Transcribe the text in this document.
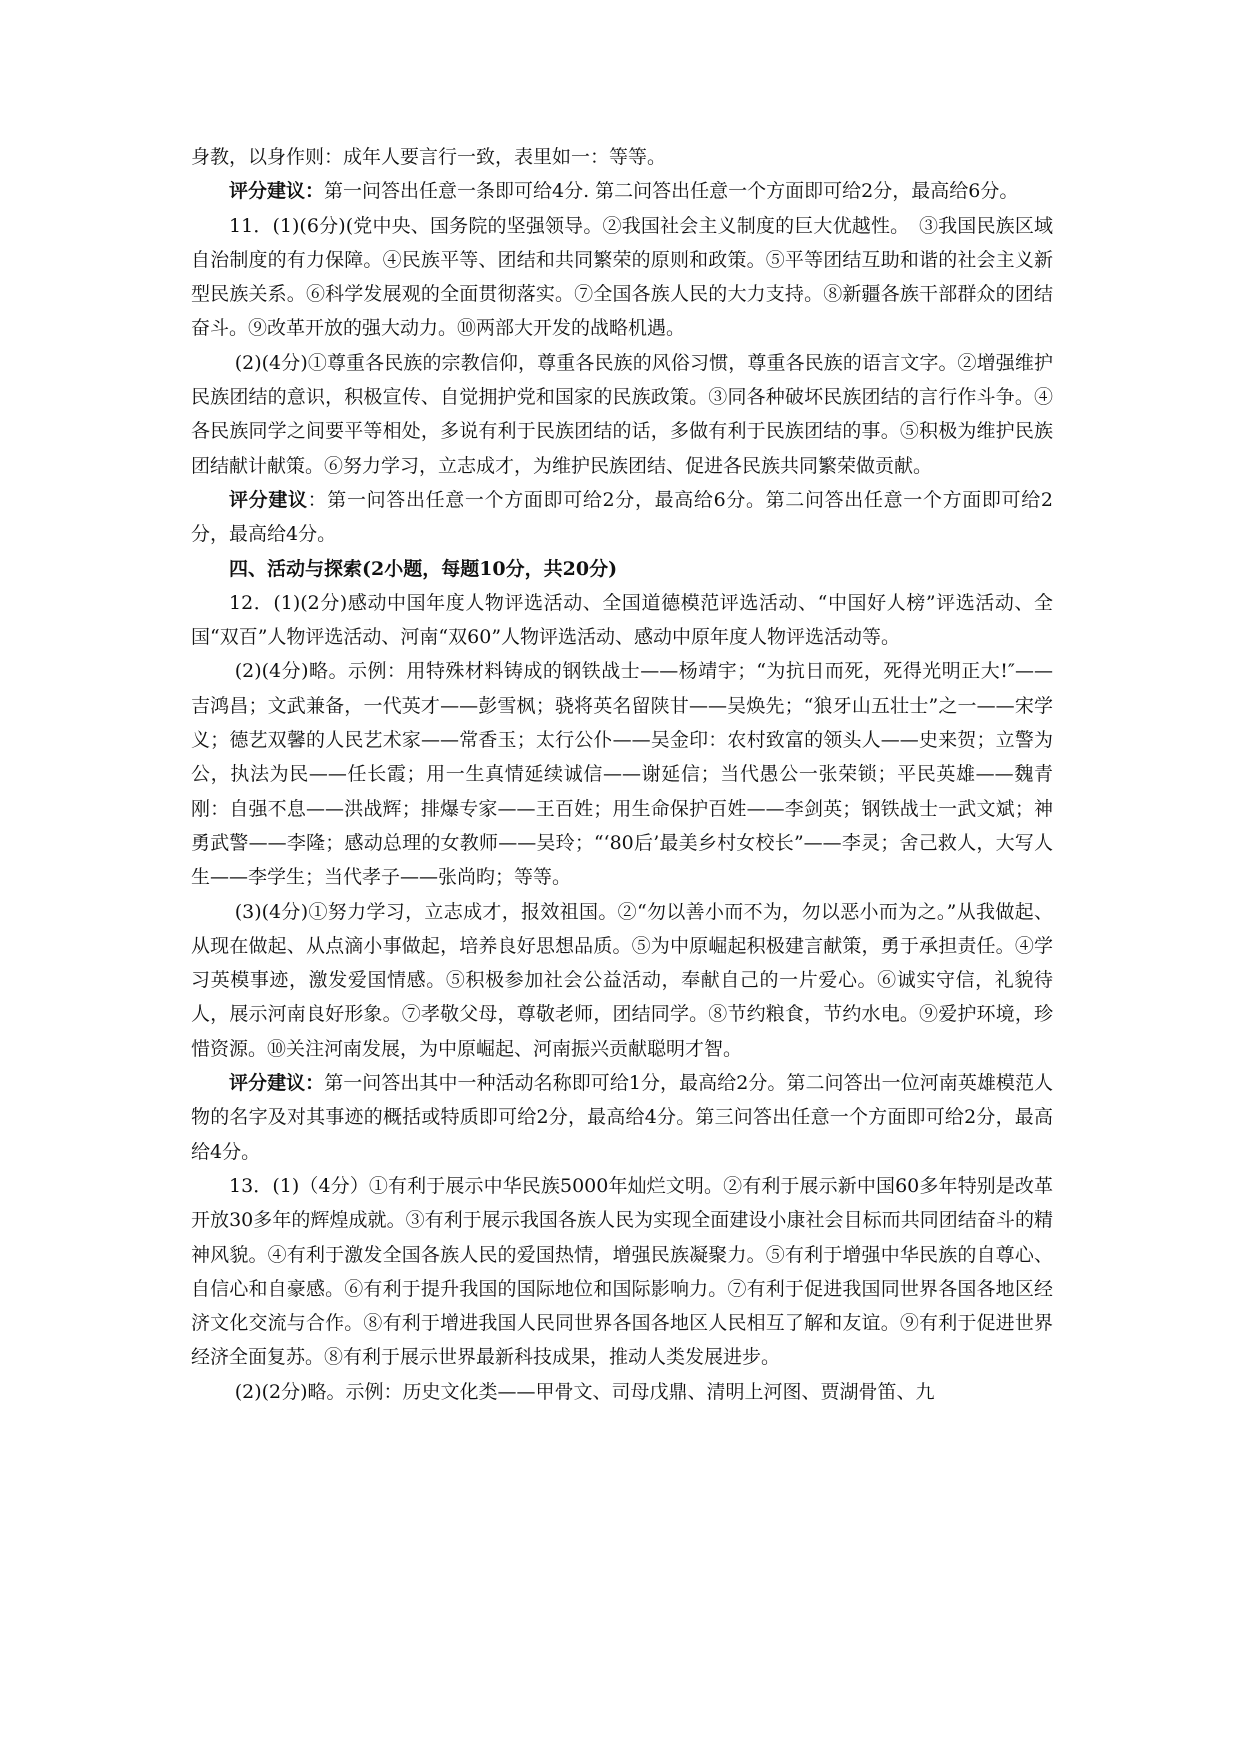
身教，以身作则：成年人要言行一致，表里如一：等等。

评分建议：第一问答出任意一条即可给4分. 第二问答出任意一个方面即可给2分，最高给6分。

11．(1)(6分)(党中央、国务院的坚强领导。②我国社会主义制度的巨大优越性。　③我国民族区域自治制度的有力保障。④民族平等、团结和共同繁荣的原则和政策。⑤平等团结互助和谐的社会主义新型民族关系。⑥科学发展观的全面贯彻落实。⑦全国各族人民的大力支持。⑧新疆各族干部群众的团结奋斗。⑨改革开放的强大动力。⑩两部大开发的战略机遇。

(2)(4分)①尊重各民族的宗教信仰，尊重各民族的风俗习惯，尊重各民族的语言文字。②增强维护民族团结的意识，积极宣传、自觉拥护党和国家的民族政策。③同各种破坏民族团结的言行作斗争。④各民族同学之间要平等相处，多说有利于民族团结的话，多做有利于民族团结的事。⑤积极为维护民族团结献计献策。⑥努力学习，立志成才，为维护民族团结、促进各民族共同繁荣做贡献。

评分建议：第一问答出任意一个方面即可给2分，最高给6分。第二问答出任意一个方面即可给2分，最高给4分。

四、活动与探索(2小题，每题10分，共20分)

12．(1)(2分)感动中国年度人物评选活动、全国道德模范评选活动、“中国好人榜”评选活动、全国“双百”人物评选活动、河南“双60”人物评选活动、感动中原年度人物评选活动等。

(2)(4分)略。示例：用特殊材料铸成的钢铁战士——杨靖宇；“为抗日而死，死得光明正大!″——吉鸿昌；文武兼备，一代英才——彭雪枫；骁将英名留陕甘——吴焕先；“狼牙山五壮士”之一——宋学义；德艺双馨的人民艺术家——常香玉；太行公仆——吴金印：农村致富的领头人——史来贺；立警为公，执法为民——任长霞；用一生真情延续诚信——谢延信；当代愚公一张荣锁；平民英雄——魏青刚：自强不息——洪战辉；排爆专家——王百姓；用生命保护百姓——李剑英；钢铁战士一武文斌；神勇武警——李隆；感动总理的女教师——吴玲；“‘80后’最美乡村女校长”——李灵；舍己救人，大写人生——李学生；当代孝子——张尚昀；等等。

(3)(4分)①努力学习，立志成才，报效祖国。②“勿以善小而不为，勿以恶小而为之。”从我做起、从现在做起、从点滴小事做起，培养良好思想品质。⑤为中原崛起积极建言献策，勇于承担责任。④学习英模事迹，激发爱国情感。⑤积极参加社会公益活动，奉献自己的一片爱心。⑥诚实守信，礼貌待人，展示河南良好形象。⑦孝敬父母，尊敬老师，团结同学。⑧节约粮食，节约水电。⑨爱护环境，珍惜资源。⑩关注河南发展，为中原崛起、河南振兴贡献聪明才智。

评分建议：第一问答出其中一种活动名称即可给1分，最高给2分。第二问答出一位河南英雄模范人物的名字及对其事迹的概括或特质即可给2分，最高给4分。第三问答出任意一个方面即可给2分，最高给4分。

13．(1)（4分）①有利于展示中华民族5000年灿烂文明。②有利于展示新中国60多年特别是改革开放30多年的辉煌成就。③有利于展示我国各族人民为实现全面建设小康社会目标而共同团结奋斗的精神风貌。④有利于激发全国各族人民的爱国热情，增强民族凝聚力。⑤有利于增强中华民族的自尊心、自信心和自豪感。⑥有利于提升我国的国际地位和国际影响力。⑦有利于促进我国同世界各国各地区经济文化交流与合作。⑧有利于增进我国人民同世界各国各地区人民相互了解和友谊。⑨有利于促进世界经济全面复苏。⑧有利于展示世界最新科技成果，推动人类发展进步。

(2)(2分)略。示例：历史文化类——甲骨文、司母戊鼎、清明上河图、贾湖骨笛、九
